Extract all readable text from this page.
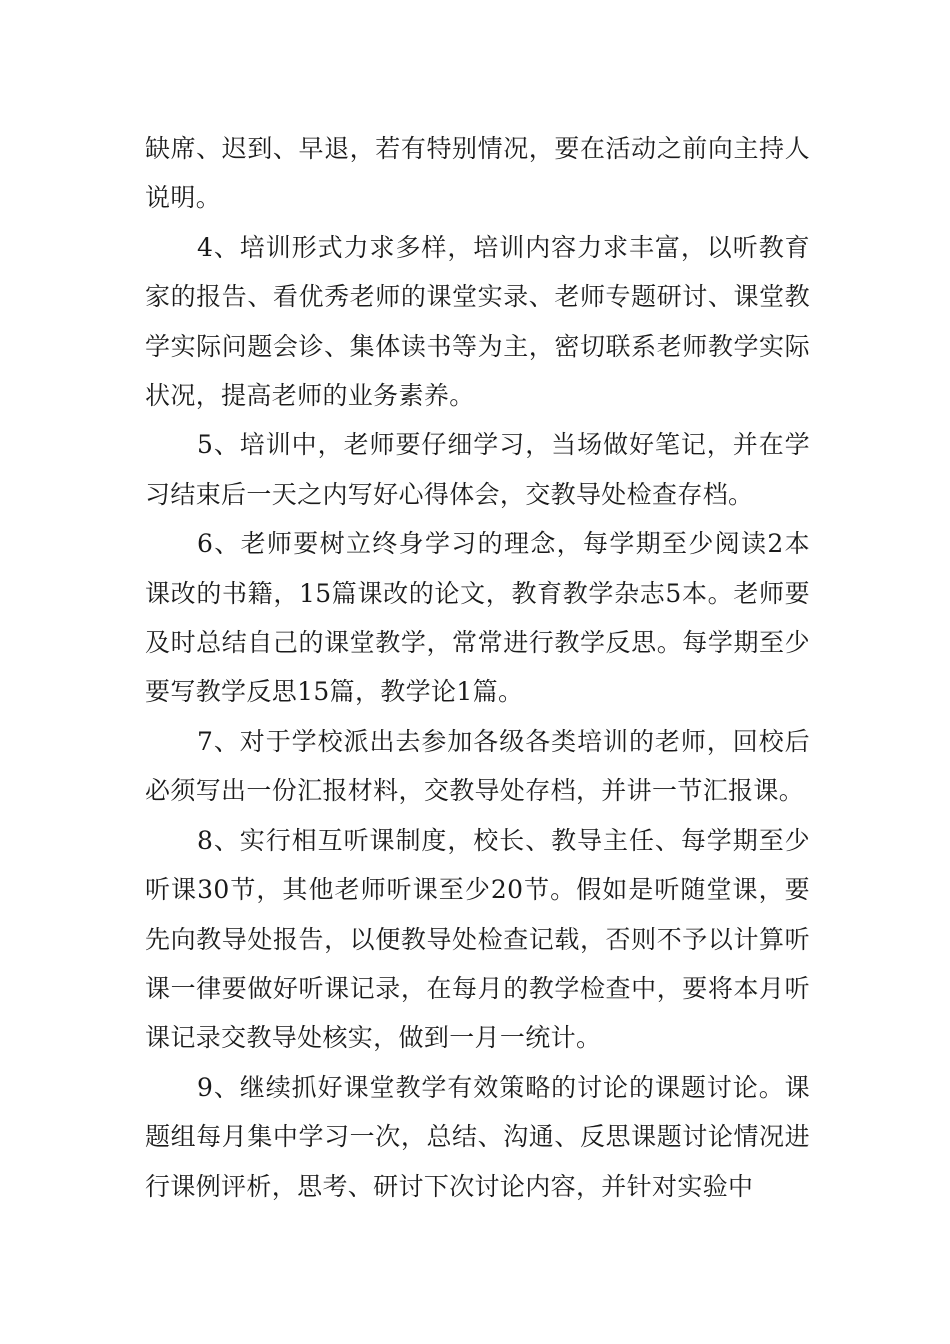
缺席、迟到、早退，若有特别情况，要在活动之前向主持人说明。

4、培训形式力求多样，培训内容力求丰富，以听教育家的报告、看优秀老师的课堂实录、老师专题研讨、课堂教学实际问题会诊、集体读书等为主，密切联系老师教学实际状况，提高老师的业务素养。

5、培训中，老师要仔细学习，当场做好笔记，并在学习结束后一天之内写好心得体会，交教导处检查存档。

6、老师要树立终身学习的理念，每学期至少阅读2本课改的书籍，15篇课改的论文，教育教学杂志5本。老师要及时总结自己的课堂教学，常常进行教学反思。每学期至少要写教学反思15篇，教学论1篇。

7、对于学校派出去参加各级各类培训的老师，回校后必须写出一份汇报材料，交教导处存档，并讲一节汇报课。

8、实行相互听课制度，校长、教导主任、每学期至少听课30节，其他老师听课至少20节。假如是听随堂课，要先向教导处报告，以便教导处检查记载，否则不予以计算听课一律要做好听课记录，在每月的教学检查中，要将本月听课记录交教导处核实，做到一月一统计。

9、继续抓好课堂教学有效策略的讨论的课题讨论。课题组每月集中学习一次，总结、沟通、反思课题讨论情况进行课例评析，思考、研讨下次讨论内容，并针对实验中
